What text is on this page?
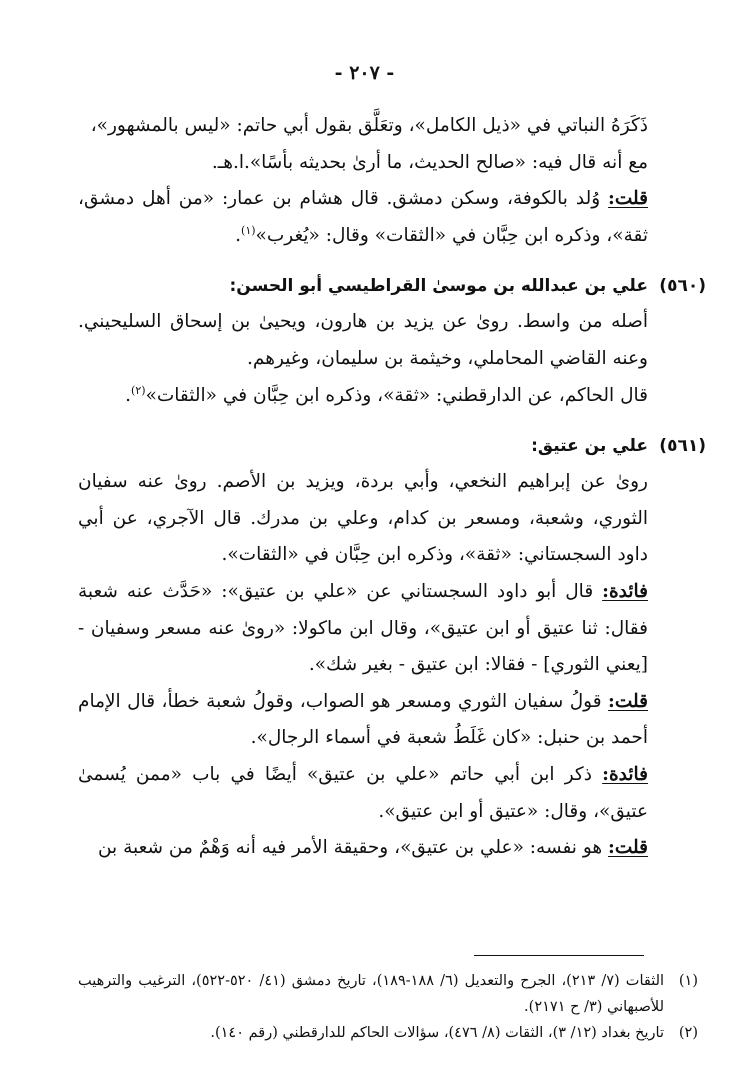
- ٢٠٧ -

ذَكَرَهُ النباتي في «ذيل الكامل»، وتعَلَّق بقول أبي حاتم: «ليس بالمشهور»،

مع أنه قال فيه: «صالح الحديث، ما أرىٰ بحديثه بأسًا».ا.هـ.

قلت: وُلد بالكوفة، وسكن دمشق. قال هشام بن عمار: «من أهل دمشق، ثقة»، وذكره ابن حِبَّان في «الثقات» وقال: «يُغرب»$^{(١)}$.

(٥٦٠)
علي بن عبدالله بن موسىٰ القراطيسي أبو الحسن:

أصله من واسط. روىٰ عن يزيد بن هارون، ويحيىٰ بن إسحاق السليحيني. وعنه القاضي المحاملي، وخيثمة بن سليمان، وغيرهم.

قال الحاكم، عن الدارقطني: «ثقة»، وذكره ابن حِبَّان في «الثقات»$^{(٢)}$.

(٥٦١)
علي بن عتيق:

روىٰ عن إبراهيم النخعي، وأبي بردة، ويزيد بن الأصم. روىٰ عنه سفيان الثوري، وشعبة، ومسعر بن كدام، وعلي بن مدرك. قال الآجري، عن أبي داود السجستاني: «ثقة»، وذكره ابن حِبَّان في «الثقات».

فائدة: قال أبو داود السجستاني عن «علي بن عتيق»: «حَدَّث عنه شعبة فقال: ثنا عتيق أو ابن عتيق»، وقال ابن ماكولا: «روىٰ عنه مسعر وسفيان - [يعني الثوري] - فقالا: ابن عتيق - بغير شك».

قلت: قولُ سفيان الثوري ومسعر هو الصواب، وقولُ شعبة خطأ، قال الإمام أحمد بن حنبل: «كان غَلَطُ شعبة في أسماء الرجال».

فائدة: ذكر ابن أبي حاتم «علي بن عتيق» أيضًا في باب «ممن يُسمىٰ عتيق»، وقال: «عتيق أو ابن عتيق».

قلت: هو نفسه: «علي بن عتيق»، وحقيقة الأمر فيه أنه وَهْمٌ من شعبة بن

(١)
الثقات (٧/ ٢١٣)، الجرح والتعديل (٦/ ١٨٨-١٨٩)، تاريخ دمشق (٤١/ ٥٢٠-٥٢٢)، الترغيب والترهيب للأصبهاني (٣/ ح ٢١٧١).

(٢)
تاريخ بغداد (١٢/ ٣)، الثقات (٨/ ٤٧٦)، سؤالات الحاكم للدارقطني (رقم ١٤٠).
